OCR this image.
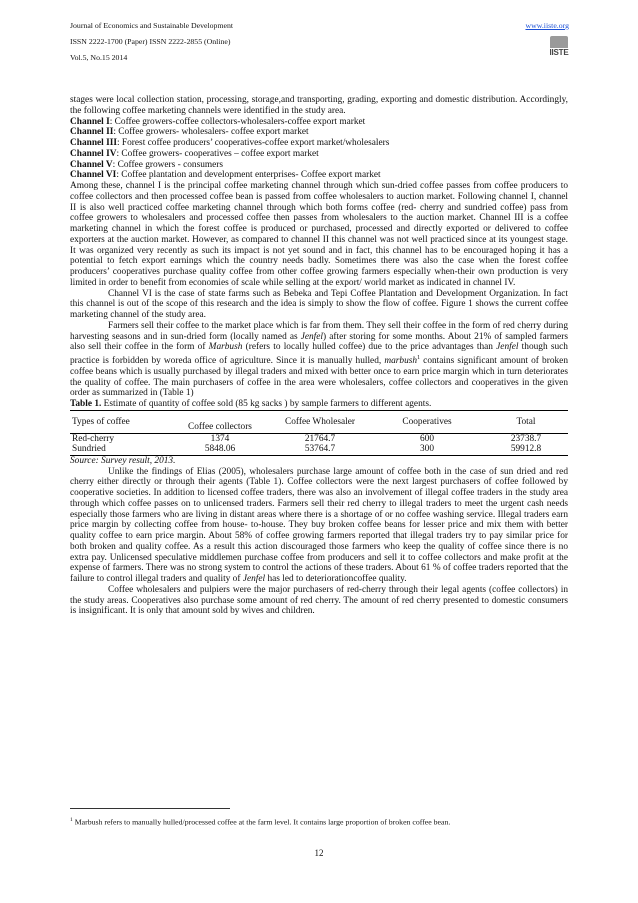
Journal of Economics and Sustainable Development
ISSN 2222-1700 (Paper) ISSN 2222-2855 (Online)
Vol.5, No.15 2014
www.iiste.org
IISTE

stages were local collection station, processing, storage,and transporting, grading, exporting and domestic distribution. Accordingly, the following coffee marketing channels were identified in the study area.

Channel I: Coffee growers-coffee collectors-wholesalers-coffee export market
Channel II: Coffee growers- wholesalers- coffee export market
Channel III: Forest coffee producers’ cooperatives-coffee export market/wholesalers
Channel IV: Coffee growers- cooperatives – coffee export market
Channel V: Coffee growers - consumers
Channel VI: Coffee plantation and development enterprises- Coffee export market

Among these, channel I is the principal coffee marketing channel through which sun-dried coffee passes from coffee producers to coffee collectors and then processed coffee bean is passed from coffee wholesalers to auction market. Following channel I, channel II is also well practiced coffee marketing channel through which both forms coffee (red- cherry and sundried coffee) pass from coffee growers to wholesalers and processed coffee then passes from wholesalers to the auction market. Channel III is a coffee marketing channel in which the forest coffee is produced or purchased, processed and directly exported or delivered to coffee exporters at the auction market. However, as compared to channel II this channel was not well practiced since at its youngest stage. It was organized very recently as such its impact is not yet sound and in fact, this channel has to be encouraged hoping it has a potential to fetch export earnings which the country needs badly. Sometimes there was also the case when the forest coffee producers’ cooperatives purchase quality coffee from other coffee growing farmers especially when-their own production is very limited in order to benefit from economies of scale while selling at the export/ world market as indicated in channel IV.

Channel VI is the case of state farms such as Bebeka and Tepi Coffee Plantation and Development Organization. In fact this channel is out of the scope of this research and the idea is simply to show the flow of coffee. Figure 1 shows the current coffee marketing channel of the study area.

Farmers sell their coffee to the market place which is far from them. They sell their coffee in the form of red cherry during harvesting seasons and in sun-dried form (locally named as Jenfel) after storing for some months. About 21% of sampled farmers also sell their coffee in the form of Marbush (refers to locally hulled coffee) due to the price advantages than Jenfel though such practice is forbidden by woreda office of agriculture. Since it is manually hulled, marbush$^1$ contains significant amount of broken coffee beans which is usually purchased by illegal traders and mixed with better once to earn price margin which in turn deteriorates the quality of coffee. The main purchasers of coffee in the area were wholesalers, coffee collectors and cooperatives in the given order as summarized in (Table 1)

Table 1. Estimate of quantity of coffee sold (85 kg sacks ) by sample farmers to different agents.
Types of coffee	Coffee collectors	Coffee Wholesaler	Cooperatives	Total
Red-cherry	1374	21764.7	600	23738.7
Sundried	5848.06	53764.7	300	59912.8
Source: Survey result, 2013.

Unlike the findings of Elias (2005), wholesalers purchase large amount of coffee both in the case of sun dried and red cherry either directly or through their agents (Table 1). Coffee collectors were the next largest purchasers of coffee followed by cooperative societies. In addition to licensed coffee traders, there was also an involvement of illegal coffee traders in the study area through which coffee passes on to unlicensed traders. Farmers sell their red cherry to illegal traders to meet the urgent cash needs especially those farmers who are living in distant areas where there is a shortage of or no coffee washing service. Illegal traders earn price margin by collecting coffee from house- to-house. They buy broken coffee beans for lesser price and mix them with better quality coffee to earn price margin. About 58% of coffee growing farmers reported that illegal traders try to pay similar price for both broken and quality coffee. As a result this action discouraged those farmers who keep the quality of coffee since there is no extra pay. Unlicensed speculative middlemen purchase coffee from producers and sell it to coffee collectors and make profit at the expense of farmers. There was no strong system to control the actions of these traders. About 61 % of coffee traders reported that the failure to control illegal traders and quality of Jenfel has led to deteriorationcoffee quality.

Coffee wholesalers and pulpiers were the major purchasers of red-cherry through their legal agents (coffee collectors) in the study areas. Cooperatives also purchase some amount of red cherry. The amount of red cherry presented to domestic consumers is insignificant. It is only that amount sold by wives and children.

$^1$ Marbush refers to manually hulled/processed coffee at the farm level. It contains large proportion of broken coffee bean.
12
